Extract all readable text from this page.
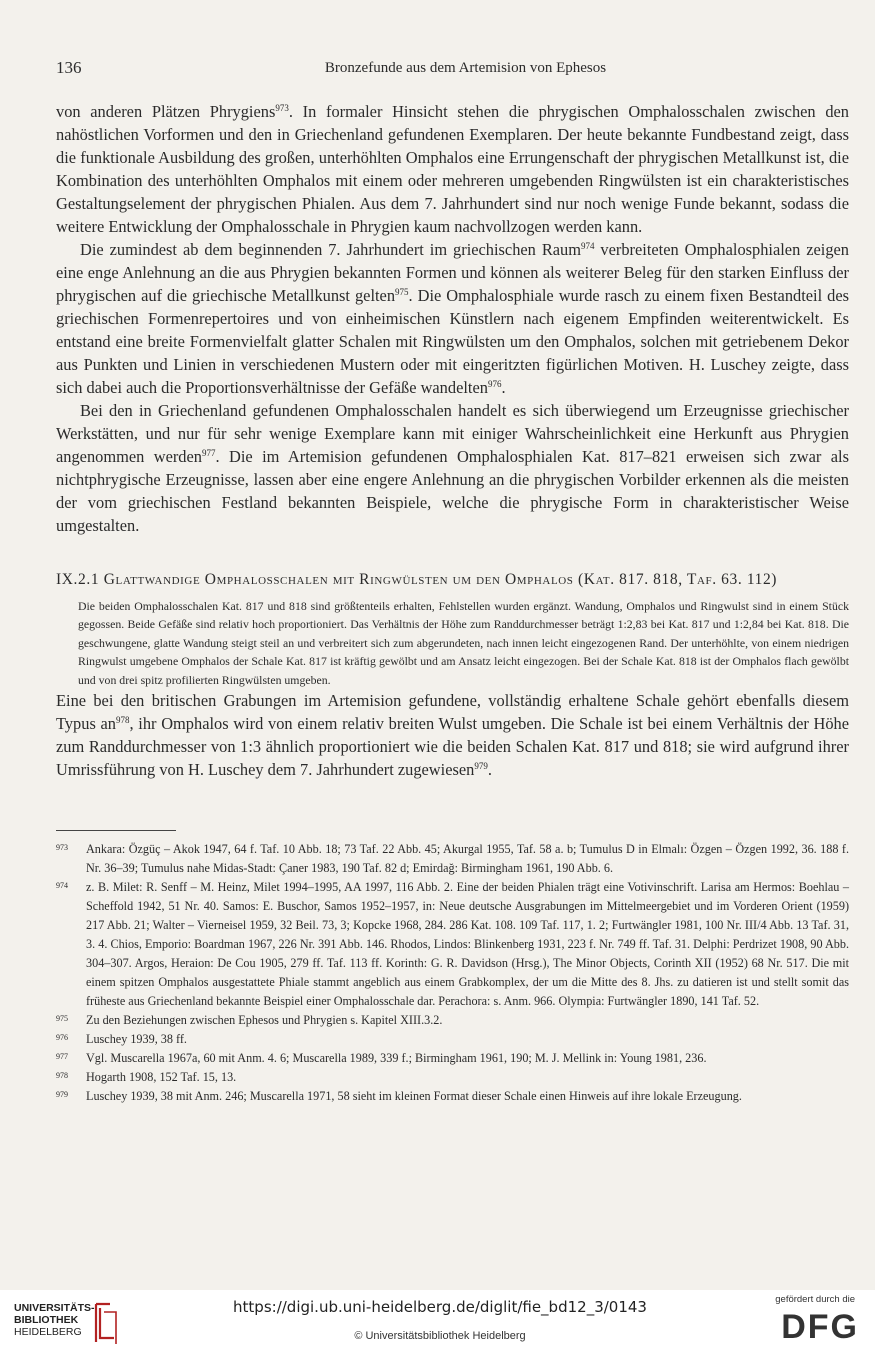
136	Bronzefunde aus dem Artemision von Ephesos

von anderen Plätzen Phrygiens$^{973}$. In formaler Hinsicht stehen die phrygischen Omphalosschalen zwischen den nahöstlichen Vorformen und den in Griechenland gefundenen Exemplaren. Der heute bekannte Fundbestand zeigt, dass die funktionale Ausbildung des großen, unterhöhlten Omphalos eine Errungenschaft der phrygischen Metallkunst ist, die Kombination des unterhöhlten Omphalos mit einem oder mehreren umgebenden Ringwülsten ist ein charakteristisches Gestaltungselement der phrygischen Phialen. Aus dem 7. Jahrhundert sind nur noch wenige Funde bekannt, sodass die weitere Entwicklung der Omphalosschale in Phrygien kaum nachvollzogen werden kann.

Die zumindest ab dem beginnenden 7. Jahrhundert im griechischen Raum$^{974}$ verbreiteten Omphalosphialen zeigen eine enge Anlehnung an die aus Phrygien bekannten Formen und können als weiterer Beleg für den starken Einfluss der phrygischen auf die griechische Metallkunst gelten$^{975}$. Die Omphalosphiale wurde rasch zu einem fixen Bestandteil des griechischen Formenrepertoires und von einheimischen Künstlern nach eigenem Empfinden weiterentwickelt. Es entstand eine breite Formenvielfalt glatter Schalen mit Ringwülsten um den Omphalos, solchen mit getriebenem Dekor aus Punkten und Linien in verschiedenen Mustern oder mit eingeritzten figürlichen Motiven. H. Luschey zeigte, dass sich dabei auch die Proportionsverhältnisse der Gefäße wandelten$^{976}$.

Bei den in Griechenland gefundenen Omphalosschalen handelt es sich überwiegend um Erzeugnisse griechischer Werkstätten, und nur für sehr wenige Exemplare kann mit einiger Wahrscheinlichkeit eine Herkunft aus Phrygien angenommen werden$^{977}$. Die im Artemision gefundenen Omphalosphialen Kat. 817–821 erweisen sich zwar als nichtphrygische Erzeugnisse, lassen aber eine engere Anlehnung an die phrygischen Vorbilder erkennen als die meisten der vom griechischen Festland bekannten Beispiele, welche die phrygische Form in charakteristischer Weise umgestalten.

IX.2.1 Glattwandige Omphalosschalen mit Ringwülsten um den Omphalos (Kat. 817. 818, Taf. 63. 112)
Die beiden Omphalosschalen Kat. 817 und 818 sind größtenteils erhalten, Fehlstellen wurden ergänzt. Wandung, Omphalos und Ringwulst sind in einem Stück gegossen. Beide Gefäße sind relativ hoch proportioniert. Das Verhältnis der Höhe zum Randdurchmesser beträgt 1:2,83 bei Kat. 817 und 1:2,84 bei Kat. 818. Die geschwungene, glatte Wandung steigt steil an und verbreitert sich zum abgerundeten, nach innen leicht eingezogenen Rand. Der unterhöhlte, von einem niedrigen Ringwulst umgebene Omphalos der Schale Kat. 817 ist kräftig gewölbt und am Ansatz leicht eingezogen. Bei der Schale Kat. 818 ist der Omphalos flach gewölbt und von drei spitz profilierten Ringwülsten umgeben.

Eine bei den britischen Grabungen im Artemision gefundene, vollständig erhaltene Schale gehört ebenfalls diesem Typus $an^{978}$, ihr Omphalos wird von einem relativ breiten Wulst umgeben. Die Schale ist bei einem Verhältnis der Höhe zum Randdurchmesser von 1:3 ähnlich proportioniert wie die beiden Schalen Kat. 817 und 818; sie wird aufgrund ihrer Umrissführung von H. Luschey dem 7. Jahrhundert zugewiesen$^{979}$.

973	Ankara: Özgüç – Akok 1947, 64 f. Taf. 10 Abb. 18; 73 Taf. 22 Abb. 45; Akurgal 1955, Taf. 58 a. b; Tumulus D in Elmalı: Özgen – Özgen 1992, 36. 188 f. Nr. 36–39; Tumulus nahe Midas-Stadt: Çaner 1983, 190 Taf. 82 d; Emirdağ: Birmingham 1961, 190 Abb. 6.
974	z. B. Milet: R. Senff – M. Heinz, Milet 1994–1995, AA 1997, 116 Abb. 2. Eine der beiden Phialen trägt eine Votivinschrift. Larisa am Hermos: Boehlau – Scheffold 1942, 51 Nr. 40. Samos: E. Buschor, Samos 1952–1957, in: Neue deutsche Ausgrabungen im Mittelmeergebiet und im Vorderen Orient (1959) 217 Abb. 21; Walter – Vierneisel 1959, 32 Beil. 73, 3; Kopcke 1968, 284. 286 Kat. 108. 109 Taf. 117, 1. 2; Furtwängler 1981, 100 Nr. III/4 Abb. 13 Taf. 31, 3. 4. Chios, Emporio: Boardman 1967, 226 Nr. 391 Abb. 146. Rhodos, Lindos: Blinkenberg 1931, 223 f. Nr. 749 ff. Taf. 31. Delphi: Perdrizet 1908, 90 Abb. 304–307. Argos, Heraion: De Cou 1905, 279 ff. Taf. 113 ff. Korinth: G. R. Davidson (Hrsg.), The Minor Objects, Corinth XII (1952) 68 Nr. 517. Die mit einem spitzen Omphalos ausgestattete Phiale stammt angeblich aus einem Grabkomplex, der um die Mitte des 8. Jhs. zu datieren ist und stellt somit das früheste aus Griechenland bekannte Beispiel einer Omphalosschale dar. Perachora: s. Anm. 966. Olympia: Furtwängler 1890, 141 Taf. 52.
975	Zu den Beziehungen zwischen Ephesos und Phrygien s. Kapitel XIII.3.2.
976	Luschey 1939, 38 ff.
977	Vgl. Muscarella 1967a, 60 mit Anm. 4. 6; Muscarella 1989, 339 f.; Birmingham 1961, 190; M. J. Mellink in: Young 1981, 236.
978	Hogarth 1908, 152 Taf. 15, 13.
979	Luschey 1939, 38 mit Anm. 246; Muscarella 1971, 58 sieht im kleinen Format dieser Schale einen Hinweis auf ihre lokale Erzeugung.
UNIVERSITÄTS-
BIBLIOTHEK
HEIDELBERG
https://digi.ub.uni-heidelberg.de/diglit/fie_bd12_3/0143
© Universitätsbibliothek Heidelberg
gefördert durch die
DFG
